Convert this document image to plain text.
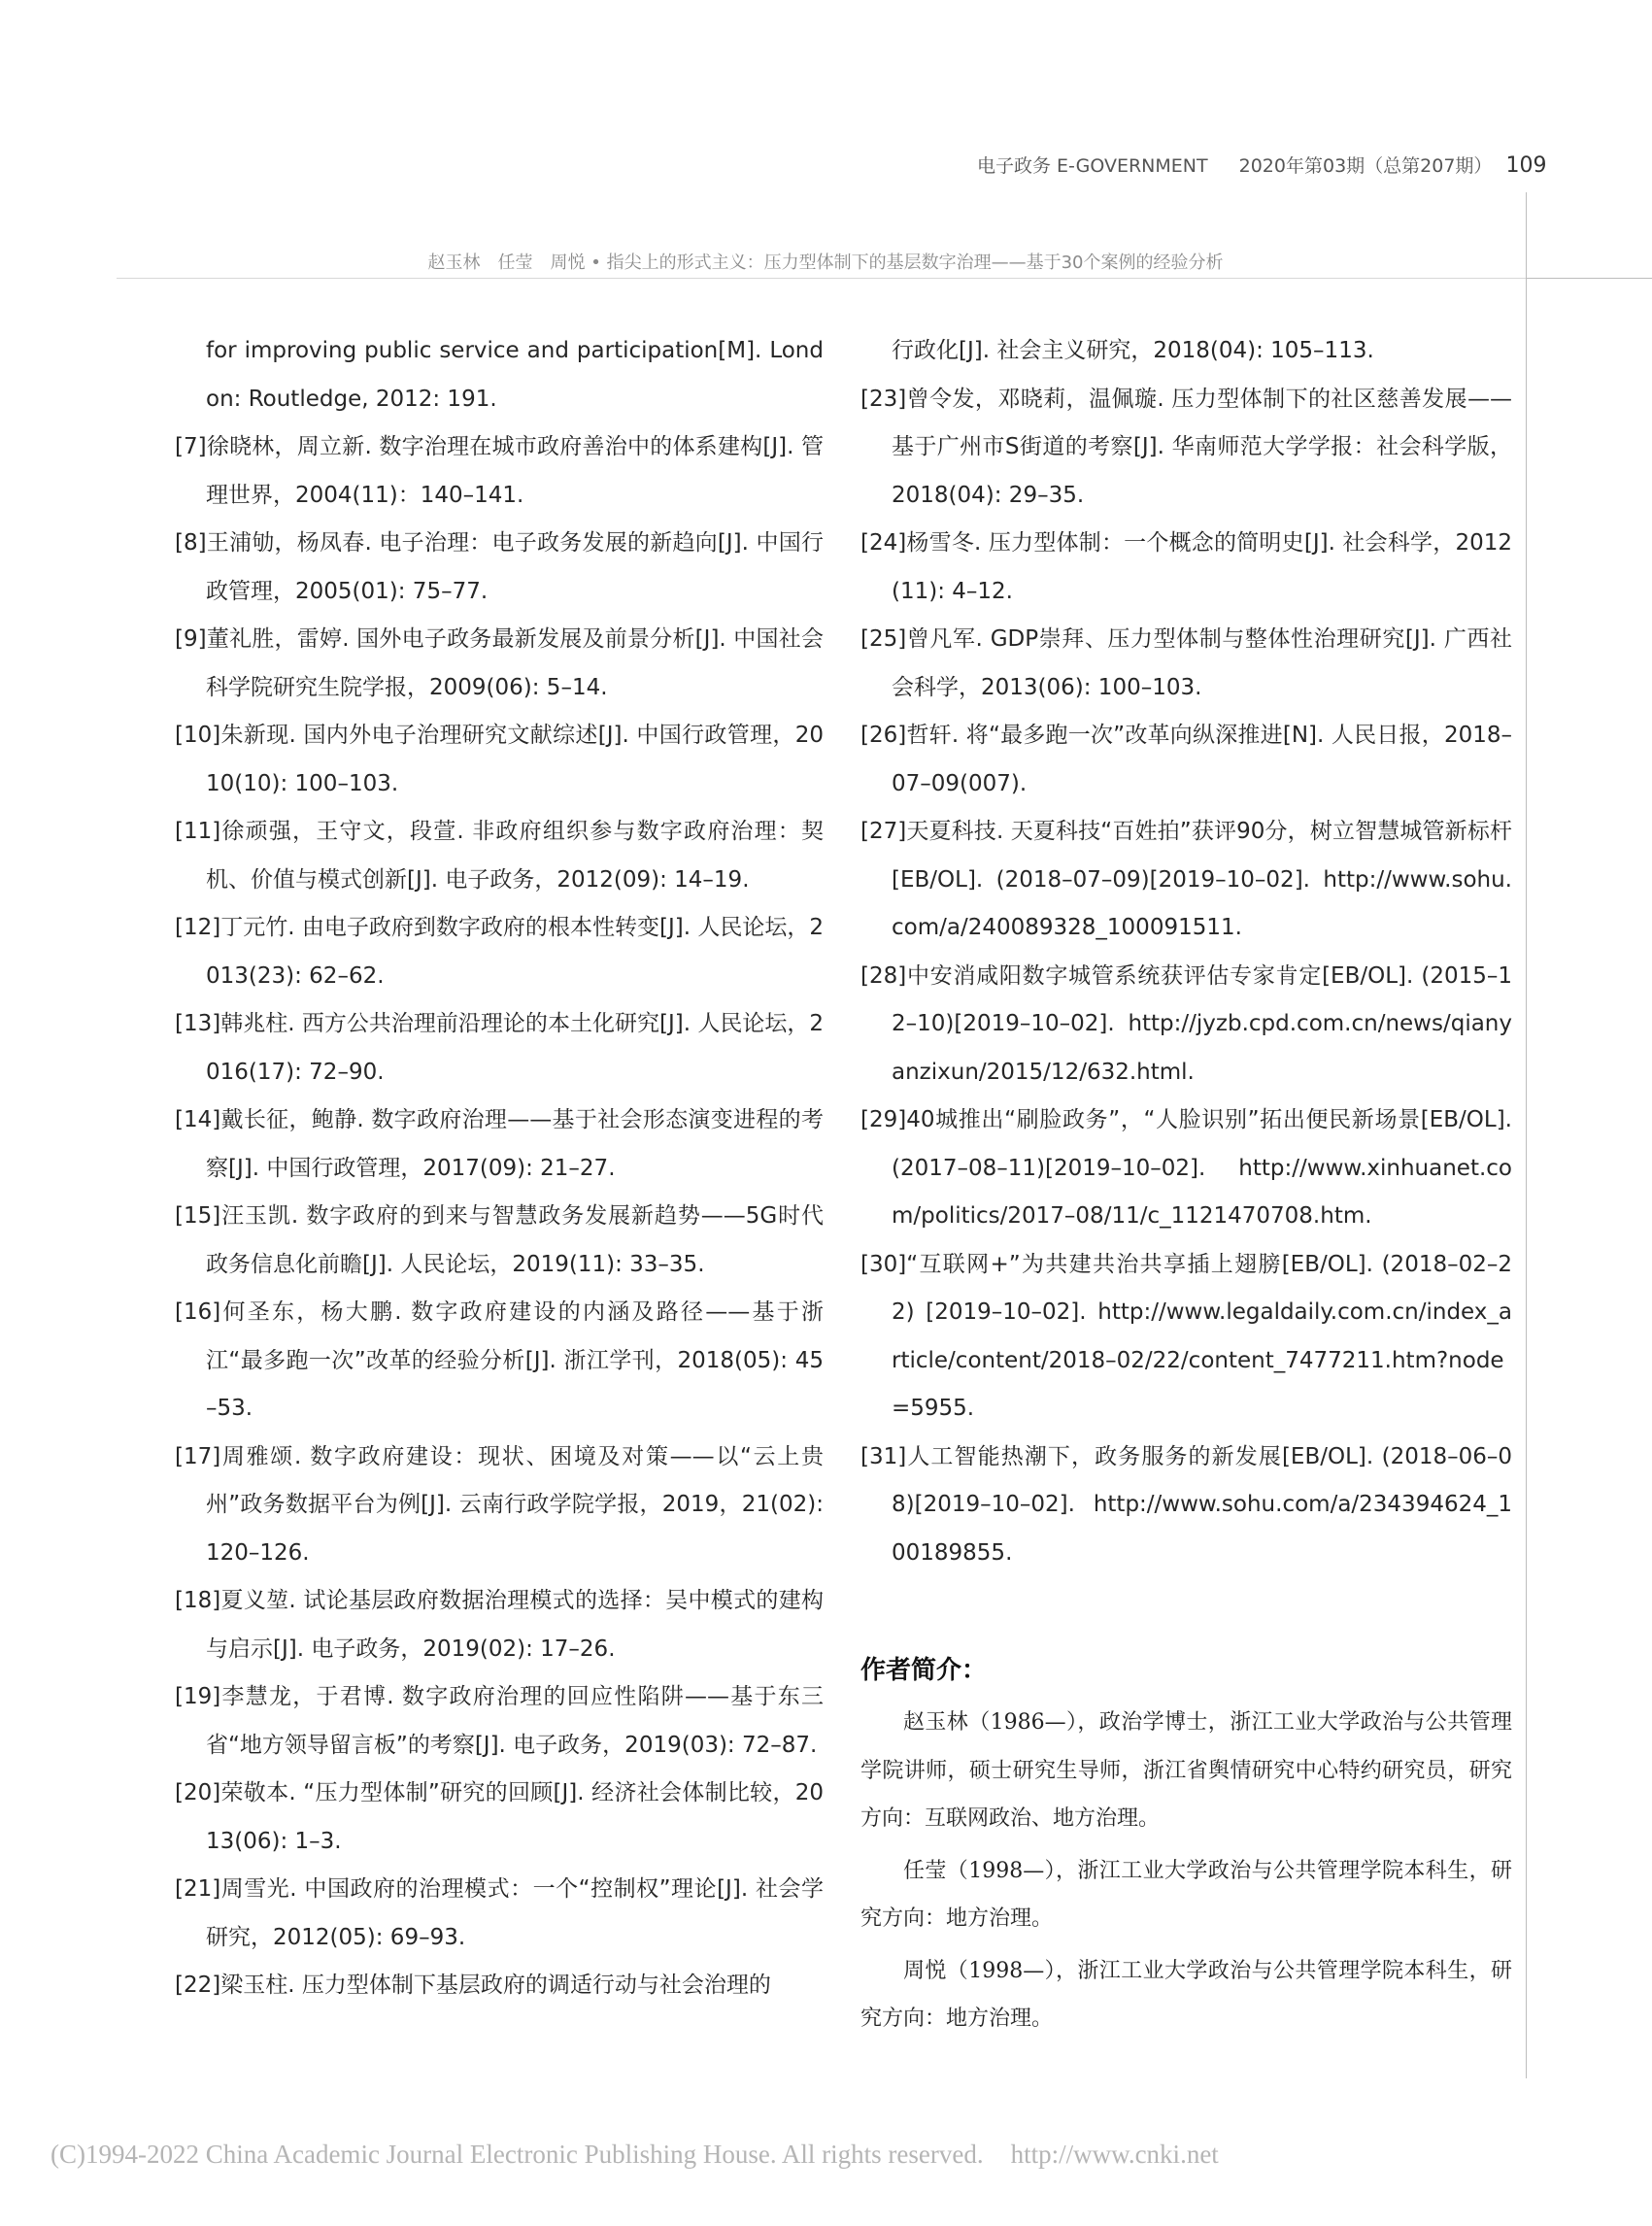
电子政务 E-GOVERNMENT 2020年第03期（总第207期） 109
赵玉林　任莹　周悦 • 指尖上的形式主义：压力型体制下的基层数字治理——基于30个案例的经验分析
for improving public service and participation[M]. London: Routledge, 2012: 191.
[7]徐晓林，周立新. 数字治理在城市政府善治中的体系建构[J]. 管理世界，2004(11)：140–141.
[8]王浦劬，杨凤春. 电子治理：电子政务发展的新趋向[J]. 中国行政管理，2005(01): 75–77.
[9]董礼胜，雷婷. 国外电子政务最新发展及前景分析[J]. 中国社会科学院研究生院学报，2009(06): 5–14.
[10]朱新现. 国内外电子治理研究文献综述[J]. 中国行政管理，2010(10): 100–103.
[11]徐顽强，王守文，段萱. 非政府组织参与数字政府治理：契机、价值与模式创新[J]. 电子政务，2012(09): 14–19.
[12]丁元竹. 由电子政府到数字政府的根本性转变[J]. 人民论坛，2013(23): 62–62.
[13]韩兆柱. 西方公共治理前沿理论的本土化研究[J]. 人民论坛，2016(17): 72–90.
[14]戴长征，鲍静. 数字政府治理——基于社会形态演变进程的考察[J]. 中国行政管理，2017(09): 21–27.
[15]汪玉凯. 数字政府的到来与智慧政务发展新趋势——5G时代政务信息化前瞻[J]. 人民论坛，2019(11): 33–35.
[16]何圣东，杨大鹏. 数字政府建设的内涵及路径——基于浙江“最多跑一次”改革的经验分析[J]. 浙江学刊，2018(05): 45–53.
[17]周雅颂. 数字政府建设：现状、困境及对策——以“云上贵州”政务数据平台为例[J]. 云南行政学院学报，2019，21(02): 120–126.
[18]夏义堃. 试论基层政府数据治理模式的选择：吴中模式的建构与启示[J]. 电子政务，2019(02): 17–26.
[19]李慧龙，于君博. 数字政府治理的回应性陷阱——基于东三省“地方领导留言板”的考察[J]. 电子政务，2019(03): 72–87.
[20]荣敬本. “压力型体制”研究的回顾[J]. 经济社会体制比较，2013(06): 1–3.
[21]周雪光. 中国政府的治理模式：一个“控制权”理论[J]. 社会学研究，2012(05): 69–93.
[22]梁玉柱. 压力型体制下基层政府的调适行动与社会治理的
行政化[J]. 社会主义研究，2018(04): 105–113.
[23]曾令发，邓晓莉，温佩璇. 压力型体制下的社区慈善发展——基于广州市S街道的考察[J]. 华南师范大学学报：社会科学版，2018(04): 29–35.
[24]杨雪冬. 压力型体制：一个概念的简明史[J]. 社会科学，2012(11): 4–12.
[25]曾凡军. GDP崇拜、压力型体制与整体性治理研究[J]. 广西社会科学，2013(06): 100–103.
[26]哲轩. 将“最多跑一次”改革向纵深推进[N]. 人民日报，2018–07–09(007).
[27]天夏科技. 天夏科技“百姓拍”获评90分，树立智慧城管新标杆[EB/OL]. (2018–07–09)[2019–10–02]. http://www.sohu.com/a/240089328_100091511.
[28]中安消咸阳数字城管系统获评估专家肯定[EB/OL]. (2015–12–10)[2019–10–02]. http://jyzb.cpd.com.cn/news/qianyanzixun/2015/12/632.html.
[29]40城推出“刷脸政务”，“人脸识别”拓出便民新场景[EB/OL]. (2017–08–11)[2019–10–02]. http://www.xinhuanet.com/politics/2017–08/11/c_1121470708.htm.
[30]“互联网+”为共建共治共享插上翅膀[EB/OL]. (2018–02–22) [2019–10–02]. http://www.legaldaily.com.cn/index_article/content/2018–02/22/content_7477211.htm?node=5955.
[31]人工智能热潮下，政务服务的新发展[EB/OL]. (2018–06–08)[2019–10–02]. http://www.sohu.com/a/234394624_100189855.
作者简介：
赵玉林（1986—），政治学博士，浙江工业大学政治与公共管理学院讲师，硕士研究生导师，浙江省舆情研究中心特约研究员，研究方向：互联网政治、地方治理。
任莹（1998—），浙江工业大学政治与公共管理学院本科生，研究方向：地方治理。
周悦（1998—），浙江工业大学政治与公共管理学院本科生，研究方向：地方治理。
(C)1994-2022 China Academic Journal Electronic Publishing House. All rights reserved. http://www.cnki.net
